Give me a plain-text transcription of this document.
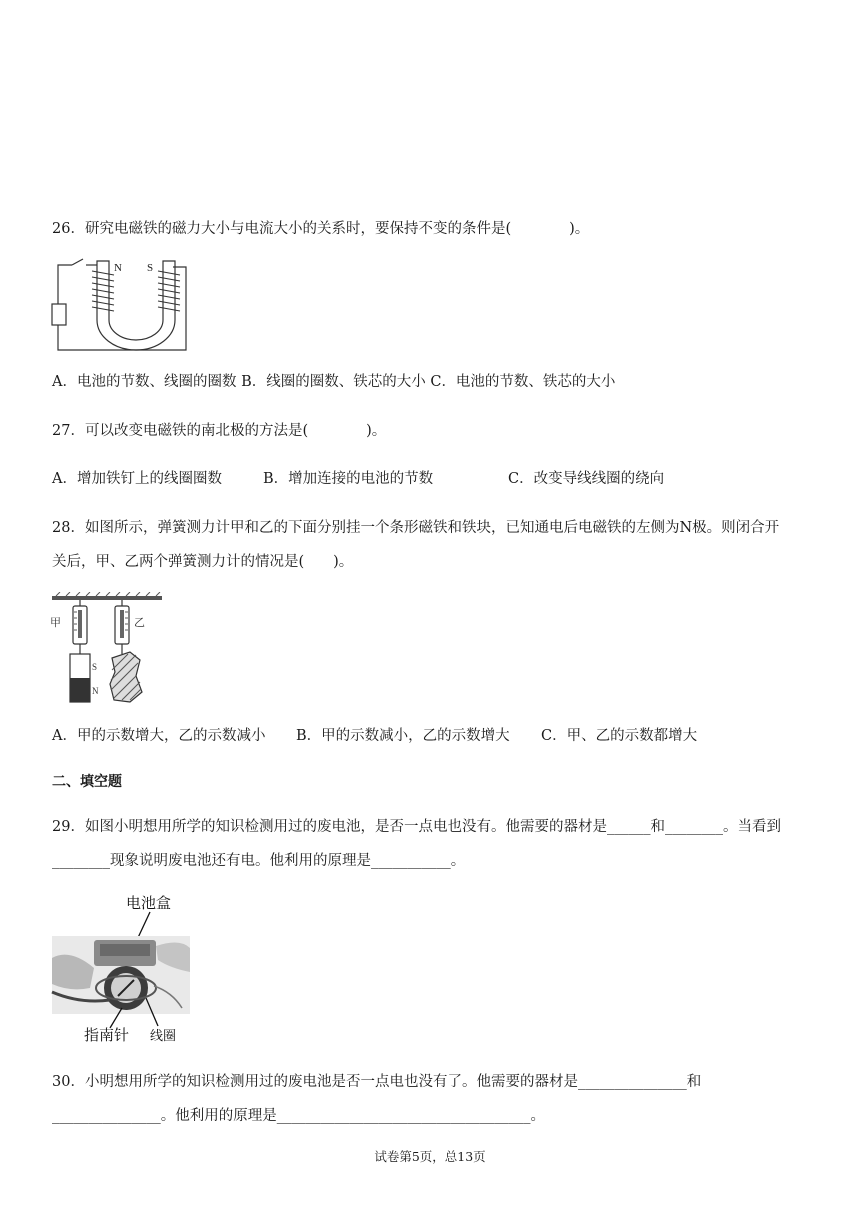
26．研究电磁铁的磁力大小与电流大小的关系时，要保持不变的条件是(　　　　)。
N S
A．电池的节数、线圈的圈数 B．线圈的圈数、铁芯的大小 C．电池的节数、铁芯的大小
27．可以改变电磁铁的南北极的方法是(　　　　)。
A．增加铁钉上的线圈圈数	B．增加连接的电池的节数	C．改变导线线圈的绕向
28．如图所示，弹簧测力计甲和乙的下面分别挂一个条形磁铁和铁块，已知通电后电磁铁的左侧为N极。则闭合开
关后，甲、乙两个弹簧测力计的情况是(　　)。
S
N
甲	乙
A．甲的示数增大，乙的示数减小 B．甲的示数减小，乙的示数增大 C．甲、乙的示数都增大
二、填空题
29．如图小明想用所学的知识检测用过的废电池，是否一点电也没有。他需要的器材是______和________。当看到
________现象说明废电池还有电。他利用的原理是___________。
电池盒
指南针 线圈
30．小明想用所学的知识检测用过的废电池是否一点电也没有了。他需要的器材是_______________和
_______________。他利用的原理是___________________________________。
试卷第5页，总13页
